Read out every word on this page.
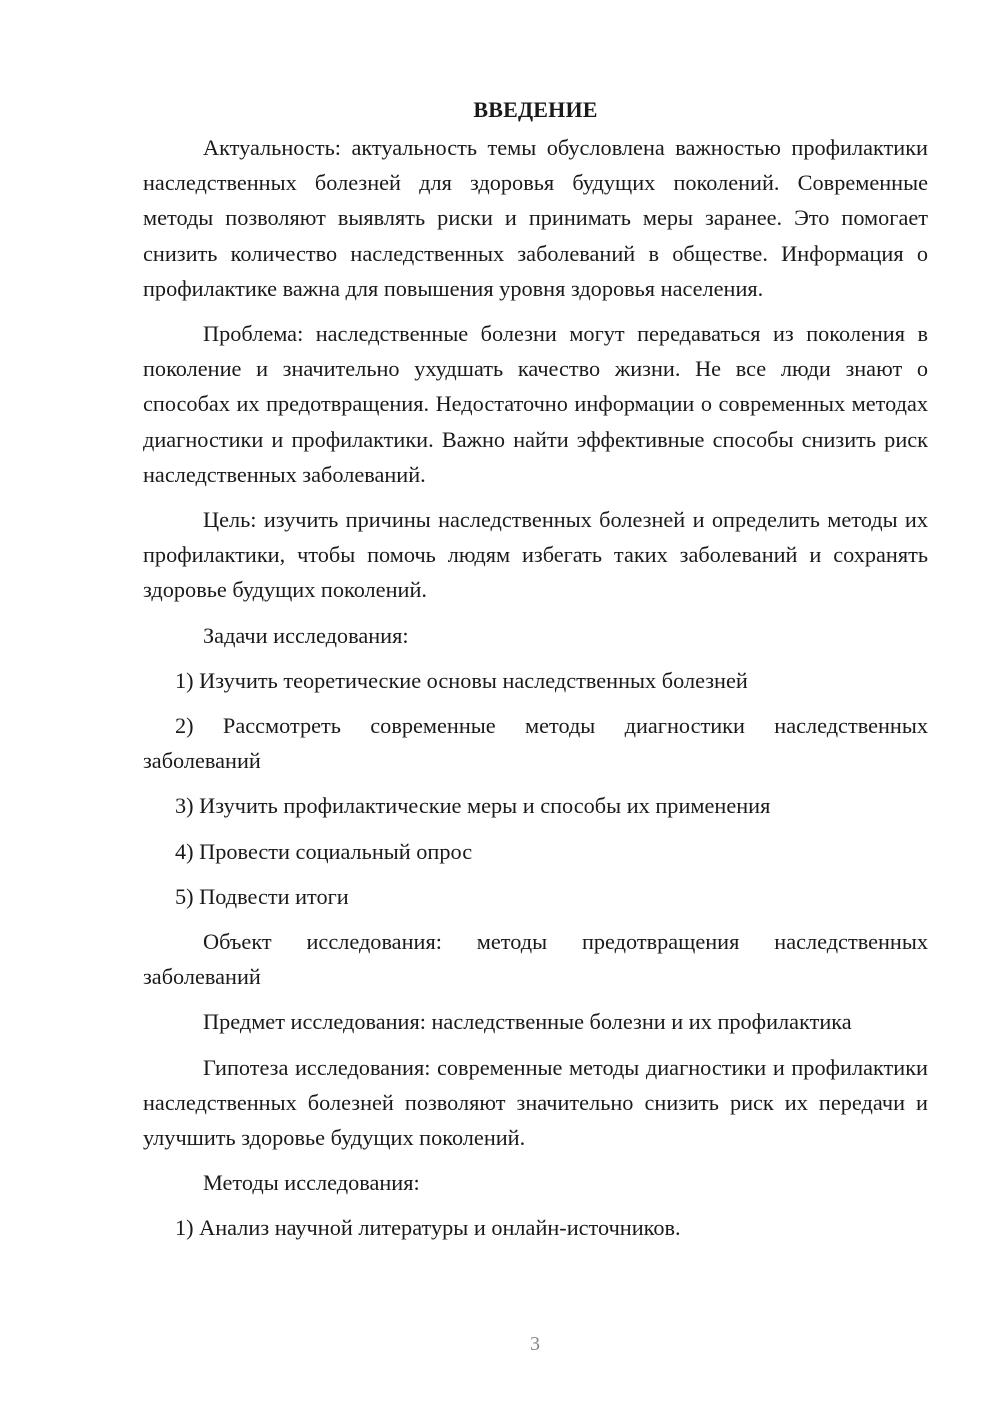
ВВЕДЕНИЕ

Актуальность: актуальность темы обусловлена важностью профилактики наследственных болезней для здоровья будущих поколений. Современные методы позволяют выявлять риски и принимать меры заранее. Это помогает снизить количество наследственных заболеваний в обществе. Информация о профилактике важна для повышения уровня здоровья населения.

Проблема: наследственные болезни могут передаваться из поколения в поколение и значительно ухудшать качество жизни. Не все люди знают о способах их предотвращения. Недостаточно информации о современных методах диагностики и профилактики. Важно найти эффективные способы снизить риск наследственных заболеваний.

Цель: изучить причины наследственных болезней и определить методы их профилактики, чтобы помочь людям избегать таких заболеваний и сохранять здоровье будущих поколений.

Задачи исследования:

1) Изучить теоретические основы наследственных болезней

2) Рассмотреть современные методы диагностики наследственных заболеваний

3) Изучить профилактические меры и способы их применения

4) Провести социальный опрос

5) Подвести итоги

Объект исследования: методы предотвращения наследственных заболеваний

Предмет исследования: наследственные болезни и их профилактика

Гипотеза исследования: современные методы диагностики и профилактики наследственных болезней позволяют значительно снизить риск их передачи и улучшить здоровье будущих поколений.

Методы исследования:

1) Анализ научной литературы и онлайн-источников.

3
